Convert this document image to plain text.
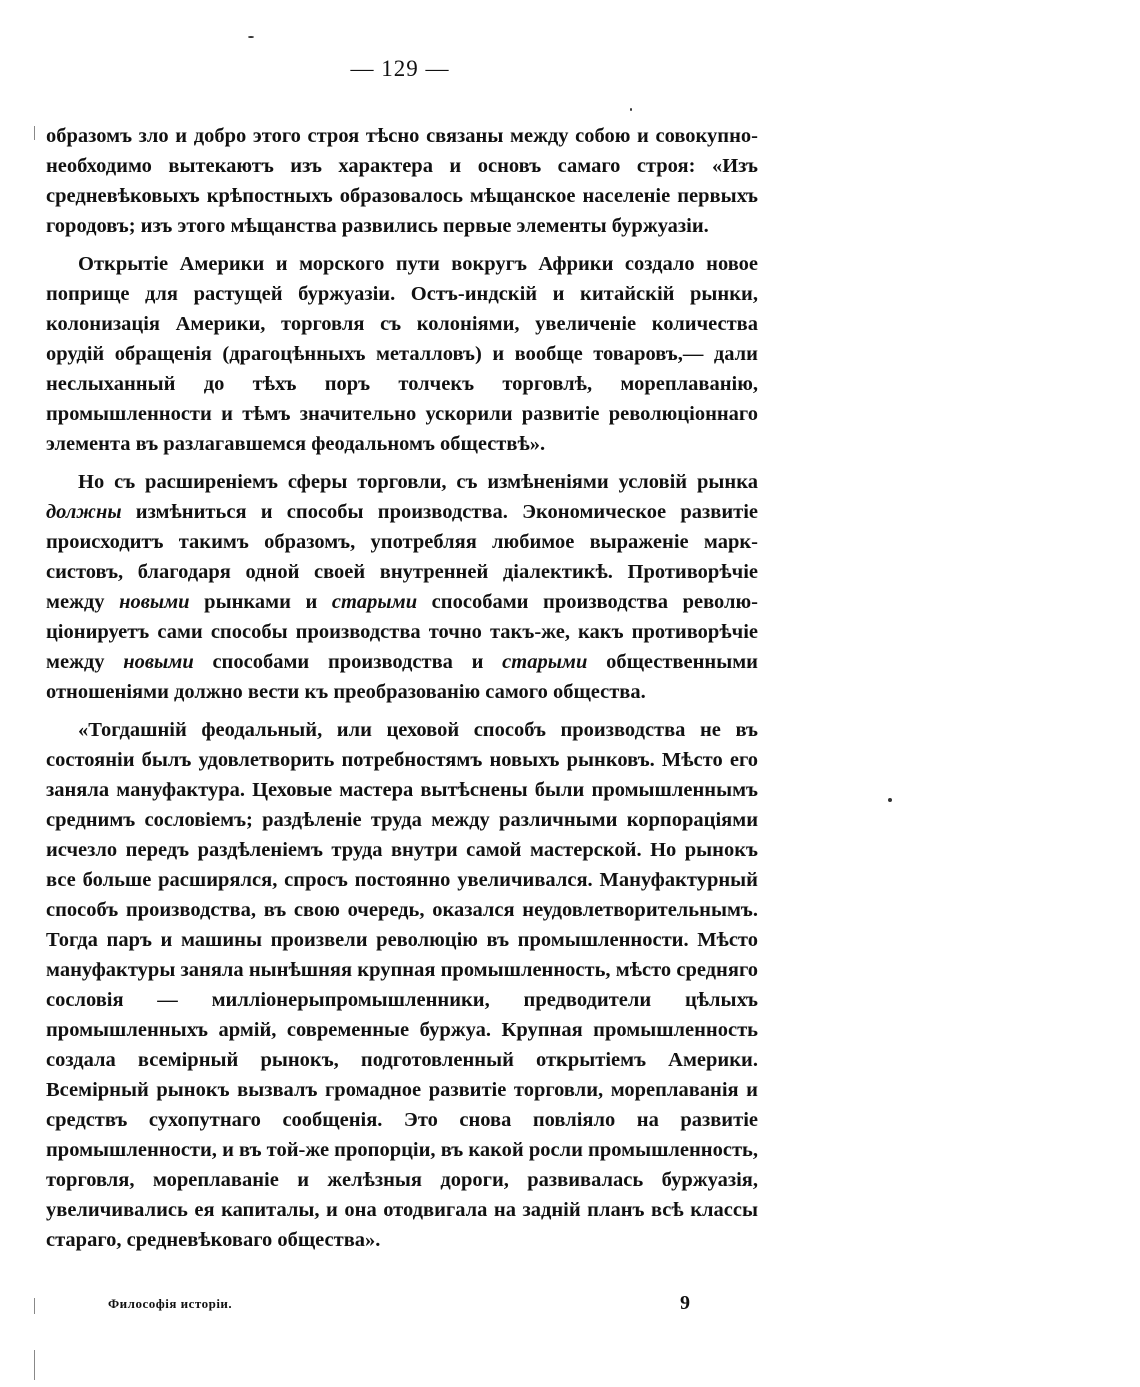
— 129 —

образомъ зло и добро этого строя тѣсно связаны между собою и совокупно-необходимо вытекаютъ изъ характера и основъ самаго строя: «Изъ средневѣковыхъ крѣпостныхъ образовалось мѣщанское населеніе первыхъ городовъ; изъ этого мѣщанства развились первые элементы буржуазіи.

Открытіе Америки и морского пути вокругъ Африки создало новое поприще для растущей буржуазіи. Остъ-индскій и китайскій рынки, колонизація Америки, торговля съ колоніями, увеличеніе количества орудій обращенія (драгоцѣнныхъ металловъ) и вообще товаровъ,— дали неслыханный до тѣхъ поръ толчекъ торговлѣ, мореплаванію, промышленности и тѣмъ значительно ускорили развитіе революціоннаго элемента въ разлагавшемся феодальномъ обществѣ».

Но съ расширеніемъ сферы торговли, съ измѣненіями условій рынка должны измѣниться и способы производства. Экономическое развитіе происходитъ такимъ образомъ, употребляя любимое выраженіе марксистовъ, благодаря одной своей внутренней діалектикѣ. Противорѣчіе между новыми рынками и старыми способами производства революціонируетъ сами способы производства точно такъ-же, какъ противорѣчіе между новыми способами производства и старыми общественными отношеніями должно вести къ преобразованію самого общества.

«Тогдашній феодальный, или цеховой способъ производства не въ состояніи былъ удовлетворить потребностямъ новыхъ рынковъ. Мѣсто его заняла мануфактура. Цеховые мастера вытѣснены были промышленнымъ среднимъ сословіемъ; раздѣленіе труда между различными корпораціями исчезло передъ раздѣленіемъ труда внутри самой мастерской. Но рынокъ все больше расширялся, спросъ постоянно увеличивался. Мануфактурный способъ производства, въ свою очередь, оказался неудовлетворительнымъ. Тогда паръ и машины произвели революцію въ промышленности. Мѣсто мануфактуры заняла нынѣшняя крупная промышленность, мѣсто средняго сословія — милліонерыпромышленники, предводители цѣлыхъ промышленныхъ армій, современные буржуа. Крупная промышленность создала всемірный рынокъ, подготовленный открытіемъ Америки. Всемірный рынокъ вызвалъ громадное развитіе торговли, мореплаванія и средствъ сухопутнаго сообщенія. Это снова повліяло на развитіе промышленности, и въ той-же пропорціи, въ какой росли промышленность, торговля, мореплаваніе и желѣзныя дороги, развивалась буржуазія, увеличивались ея капиталы, и она отодвигала на задній планъ всѣ классы стараго, средневѣковаго общества».

Философія исторіи.	9
